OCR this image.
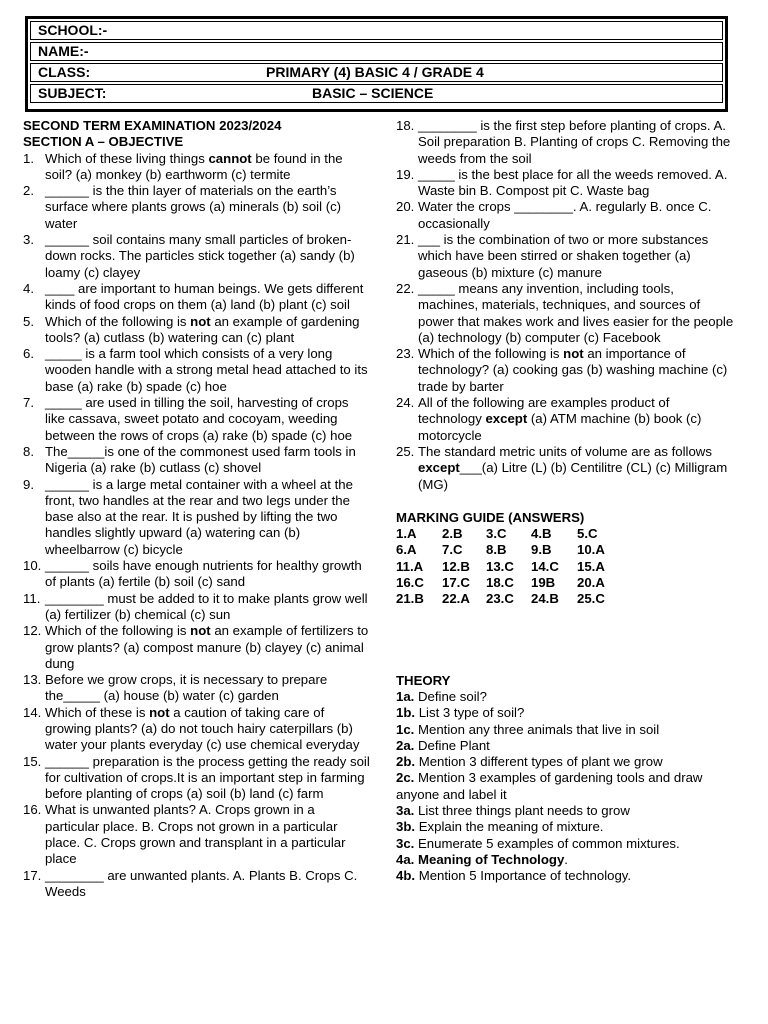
SCHOOL:-
NAME:-
CLASS:	PRIMARY (4) BASIC 4 / GRADE 4
SUBJECT:	BASIC – SCIENCE
SECOND TERM EXAMINATION 2023/2024
SECTION A – OBJECTIVE
1. Which of these living things cannot be found in the soil? (a) monkey (b) earthworm (c) termite
2. ______ is the thin layer of materials on the earth’s surface where plants grows (a) minerals (b) soil (c) water
3. ______ soil contains many small particles of broken-down rocks. The particles stick together (a) sandy (b) loamy (c) clayey
4. ____ are important to human beings. We gets different kinds of food crops on them (a) land (b) plant (c) soil
5. Which of the following is not an example of gardening tools? (a) cutlass (b) watering can (c) plant
6. _____ is a farm tool which consists of a very long wooden handle with a strong metal head attached to its base (a) rake (b) spade (c) hoe
7. _____ are used in tilling the soil, harvesting of crops like cassava, sweet potato and cocoyam, weeding between the rows of crops (a) rake (b) spade (c) hoe
8. The_____is one of the commonest used farm tools in Nigeria (a) rake (b) cutlass (c) shovel
9. ______ is a large metal container with a wheel at the front, two handles at the rear and two legs under the base also at the rear. It is pushed by lifting the two handles slightly upward (a) watering can (b) wheelbarrow (c) bicycle
10. ______ soils have enough nutrients for healthy growth of plants (a) fertile (b) soil (c) sand
11. ________ must be added to it to make plants grow well (a) fertilizer (b) chemical (c) sun
12. Which of the following is not an example of fertilizers to grow plants? (a) compost manure (b) clayey (c) animal dung
13. Before we grow crops, it is necessary to prepare the_____ (a) house (b) water (c) garden
14. Which of these is not a caution of taking care of growing plants? (a) do not touch hairy caterpillars (b) water your plants everyday (c) use chemical everyday
15. ______ preparation is the process getting the ready soil for cultivation of crops.It is an important step in farming before planting of crops (a) soil (b) land (c) farm
16. What is unwanted plants? A. Crops grown in a particular place. B. Crops not grown in a particular place. C. Crops grown and transplant in a particular place
17. ________ are unwanted plants. A. Plants B. Crops C. Weeds
18. ________ is the first step before planting of crops. A. Soil preparation B. Planting of crops C. Removing the weeds from the soil
19. _____ is the best place for all the weeds removed. A. Waste bin B. Compost pit C. Waste bag
20. Water the crops ________. A. regularly B. once C. occasionally
21. ___ is the combination of two or more substances which have been stirred or shaken together (a) gaseous (b) mixture (c) manure
22. _____ means any invention, including tools, machines, materials, techniques, and sources of power that makes work and lives easier for the people (a) technology (b) computer (c) Facebook
23. Which of the following is not an importance of technology? (a) cooking gas (b) washing machine (c) trade by barter
24. All of the following are examples product of technology except (a) ATM machine (b) book (c) motorcycle
25. The standard metric units of volume are as follows except___(a) Litre (L) (b) Centilitre (CL) (c) Milligram (MG)
MARKING GUIDE (ANSWERS)
1.A	2.B	3.C	4.B	5.C
6.A	7.C	8.B	9.B	10.A
11.A	12.B	13.C	14.C	15.A
16.C	17.C	18.C	19B	20.A
21.B	22.A	23.C	24.B	25.C
THEORY
1a. Define soil?
1b. List 3 type of soil?
1c. Mention any three animals that live in soil
2a. Define Plant
2b. Mention 3 different types of plant we grow
2c. Mention 3 examples of gardening tools and draw anyone and label it
3a. List three things plant needs to grow
3b. Explain the meaning of mixture.
3c. Enumerate 5 examples of common mixtures.
4a. Meaning of Technology.
4b. Mention 5 Importance of technology.
